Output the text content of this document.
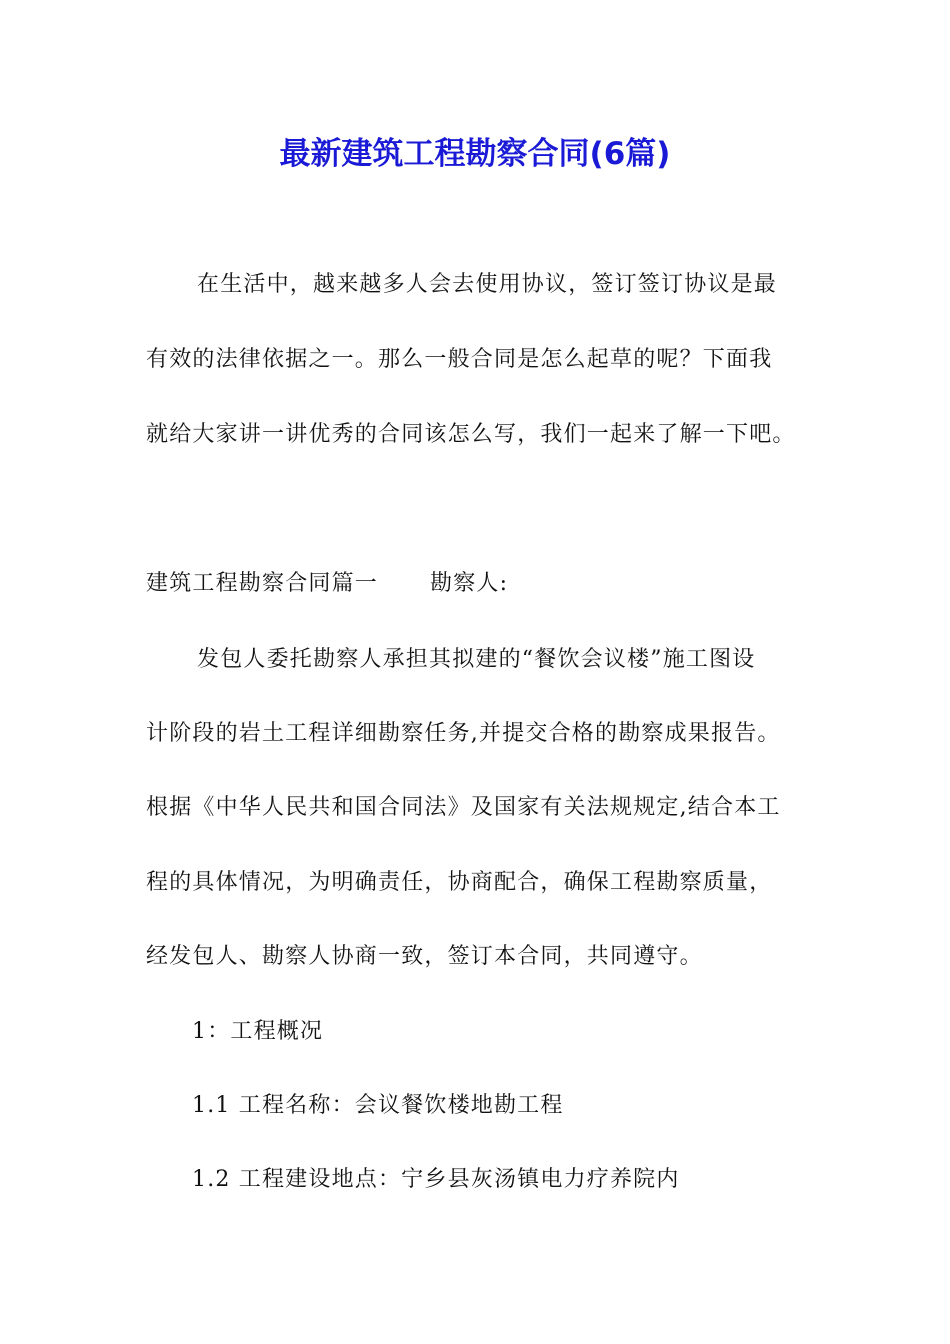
最新建筑工程勘察合同(6篇)
在生活中，越来越多人会去使用协议，签订签订协议是最
有效的法律依据之一。那么一般合同是怎么起草的呢？下面我
就给大家讲一讲优秀的合同该怎么写，我们一起来了解一下吧。
建筑工程勘察合同篇一 勘察人:
发包人委托勘察人承担其拟建的“餐饮会议楼”施工图设
计阶段的岩土工程详细勘察任务,并提交合格的勘察成果报告。
根据《中华人民共和国合同法》及国家有关法规规定,结合本工
程的具体情况，为明确责任，协商配合，确保工程勘察质量，
经发包人、勘察人协商一致，签订本合同，共同遵守。
1：工程概况
1.1 工程名称：会议餐饮楼地勘工程
1.2 工程建设地点：宁乡县灰汤镇电力疗养院内
